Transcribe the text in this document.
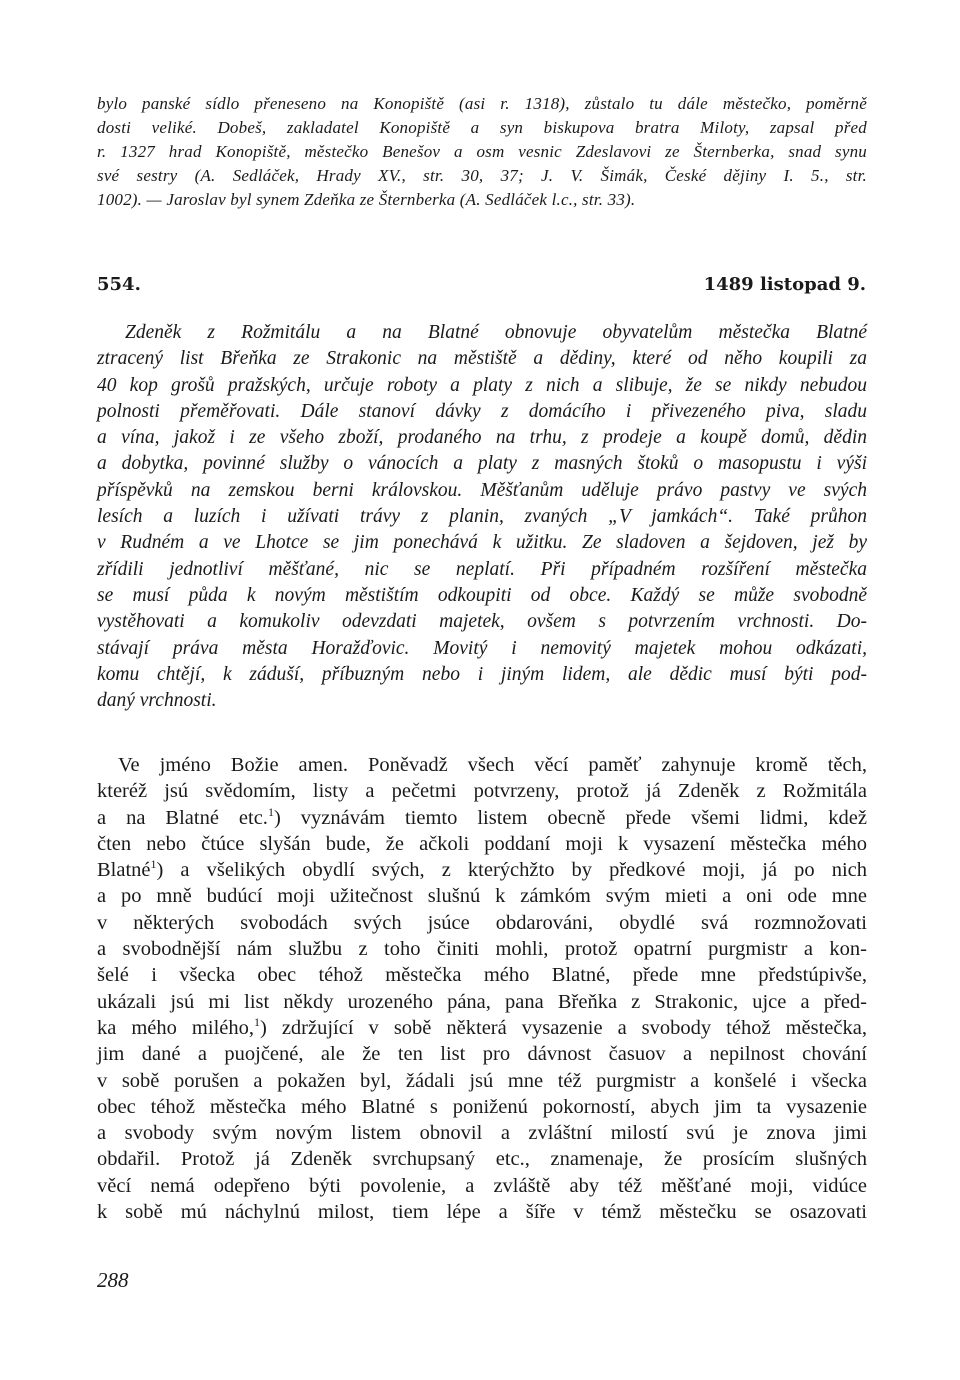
bylo panské sídlo přeneseno na Konopiště (asi r. 1318), zůstalo tu dále městečko, poměrně
dosti veliké. Dobeš, zakladatel Konopiště a syn biskupova bratra Miloty, zapsal před
r. 1327 hrad Konopiště, městečko Benešov a osm vesnic Zdeslavovi ze Šternberka, snad synu
své sestry (A. Sedláček, Hrady XV., str. 30, 37; J. V. Šimák, České dějiny I. 5., str.
1002). — Jaroslav byl synem Zdeňka ze Šternberka (A. Sedláček l.c., str. 33).
554.	1489 listopad 9.
Zdeněk z Rožmitálu a na Blatné obnovuje obyvatelům městečka Blatné
ztracený list Břeňka ze Strakonic na městiště a dědiny, které od něho koupili za
40 kop grošů pražských, určuje roboty a platy z nich a slibuje, že se nikdy nebudou
polnosti přeměřovati. Dále stanoví dávky z domácího i přivezeného piva, sladu
a vína, jakož i ze všeho zboží, prodaného na trhu, z prodeje a koupě domů, dědin
a dobytka, povinné služby o vánocích a platy z masných štoků o masopustu i výši
příspěvků na zemskou berni královskou. Měšťanům uděluje právo pastvy ve svých
lesích a luzích i užívati trávy z planin, zvaných „V jamkách“. Také průhon
v Rudném a ve Lhotce se jim ponechává k užitku. Ze sladoven a šejdoven, jež by
zřídili jednotliví měšťané, nic se neplatí. Při případném rozšíření městečka
se musí půda k novým městištím odkoupiti od obce. Každý se může svobodně
vystěhovati a komukoliv odevzdati majetek, ovšem s potvrzením vrchnosti. Do-
stávají práva města Horažďovic. Movitý i nemovitý majetek mohou odkázati,
komu chtějí, k záduší, příbuzným nebo i jiným lidem, ale dědic musí býti pod-
daný vrchnosti.
Ve jméno Božie amen. Poněvadž všech věcí paměť zahynuje kromě těch,
kteréž jsú svědomím, listy a pečetmi potvrzeny, protož já Zdeněk z Rožmitála
a na Blatné etc.$^1$) vyznávám tiemto listem obecně přede všemi lidmi, kdež
čten nebo čtúce slyšán bude, že ačkoli poddaní moji k vysazení městečka mého
Blatné$^1$) a všelikých obydlí svých, z kterýchžto by předkové moji, já po nich
a po mně budúcí moji užitečnost slušnú k zámkóm svým mieti a oni ode mne
v některých svobodách svých jsúce obdarováni, obydlé svá rozmnožovati
a svobodnější nám službu z toho činiti mohli, protož opatrní purgmistr a kon-
šelé i všecka obec téhož městečka mého Blatné, přede mne předstúpivše,
ukázali jsú mi list někdy urozeného pána, pana Břeňka z Strakonic, ujce a před-
ka mého milého,$^1$) zdržující v sobě některá vysazenie a svobody téhož městečka,
jim dané a puojčené, ale že ten list pro dávnost časuov a nepilnost chování
v sobě porušen a pokažen byl, žádali jsú mne též purgmistr a konšelé i všecka
obec téhož městečka mého Blatné s poniženú pokorností, abych jim ta vysazenie
a svobody svým novým listem obnovil a zvláštní milostí svú je znova jimi
obdařil. Protož já Zdeněk svrchupsaný etc., znamenaje, že prosícím slušných
věcí nemá odepřeno býti povolenie, a zvláště aby též měšťané moji, vidúce
k sobě mú náchylnú milost, tiem lépe a šíře v témž městečku se osazovati
288
